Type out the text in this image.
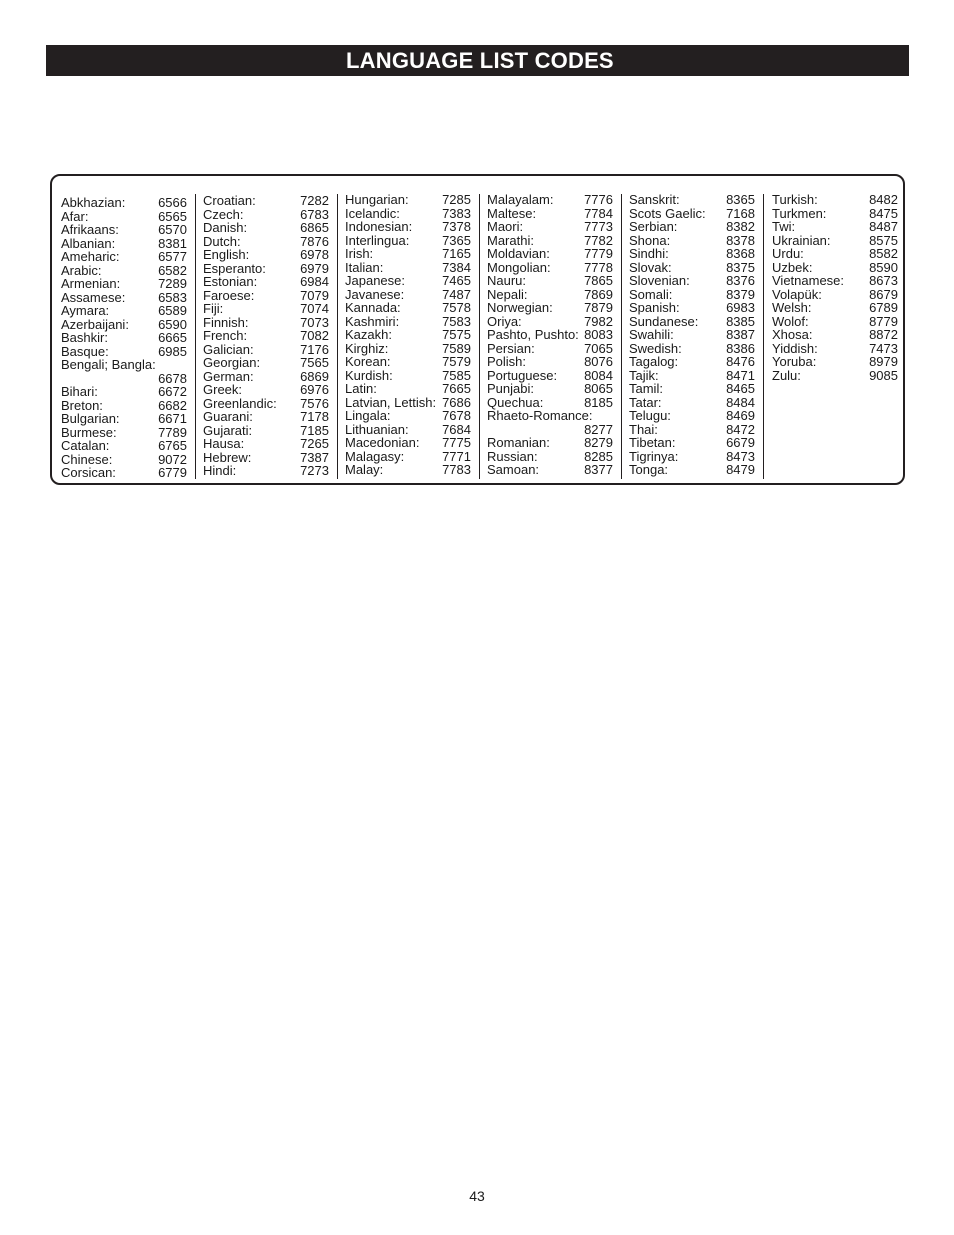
LANGUAGE LIST CODES
Abkhazian:	6566
Afar:	6565
Afrikaans:	6570
Albanian:	8381
Ameharic:	6577
Arabic:	6582
Armenian:	7289
Assamese:	6583
Aymara:	6589
Azerbaijani: 6590
Bashkir:	6665
Basque:	6985
Bengali; Bangla:
6678
Bihari:	6672
Breton:	6682
Bulgarian:	6671
Burmese:	7789
Catalan:	6765
Chinese:	9072
Corsican:	6779
Croatian:	7282
Czech:	6783
Danish:	6865
Dutch:	7876
English:	6978
Esperanto:	6979
Estonian:	6984
Faroese:	7079
Fiji:	7074
Finnish:	7073
French:	7082
Galician:	7176
Georgian:	7565
German:	6869
Greek:	6976
Greenlandic: 7576
Guarani:	7178
Gujarati:	7185
Hausa:	7265
Hebrew:	7387
Hindi:	7273
Hungarian:	7285
Icelandic:	7383
Indonesian: 7378
Interlingua:	7365
Irish:	7165
Italian:	7384
Japanese:	7465
Javanese:	7487
Kannada:	7578
Kashmiri:	7583
Kazakh:	7575
Kirghiz:	7589
Korean:	7579
Kurdish:	7585
Latin:	7665
Latvian, Lettish: 7686
Lingala:	7678
Lithuanian:	7684
Macedonian: 7775
Malagasy:	7771
Malay:	7783
Malayalam: 7776
Maltese:	7784
Maori:	7773
Marathi:	7782
Moldavian:	7779
Mongolian:	7778
Nauru:	7865
Nepali:	7869
Norwegian: 7879
Oriya:	7982
Pashto, Pushto: 8083
Persian:	7065
Polish:	8076
Portuguese: 8084
Punjabi:	8065
Quechua:	8185
Rhaeto-Romance:
8277
Romanian:	8279
Russian:	8285
Samoan:	8377
Sanskrit:	8365
Scots Gaelic: 7168
Serbian:	8382
Shona:	8378
Sindhi:	8368
Slovak:	8375
Slovenian:	8376
Somali:	8379
Spanish:	6983
Sundanese: 8385
Swahili:	8387
Swedish:	8386
Tagalog:	8476
Tajik:	8471
Tamil:	8465
Tatar:	8484
Telugu:	8469
Thai:	8472
Tibetan:	6679
Tigrinya:	8473
Tonga:	8479
Turkish:	8482
Turkmen:	8475
Twi:	8487
Ukrainian:	8575
Urdu:	8582
Uzbek:	8590
Vietnamese: 8673
Volapük:	8679
Welsh:	6789
Wolof:	8779
Xhosa:	8872
Yiddish:	7473
Yoruba:	8979
Zulu:	9085
43
